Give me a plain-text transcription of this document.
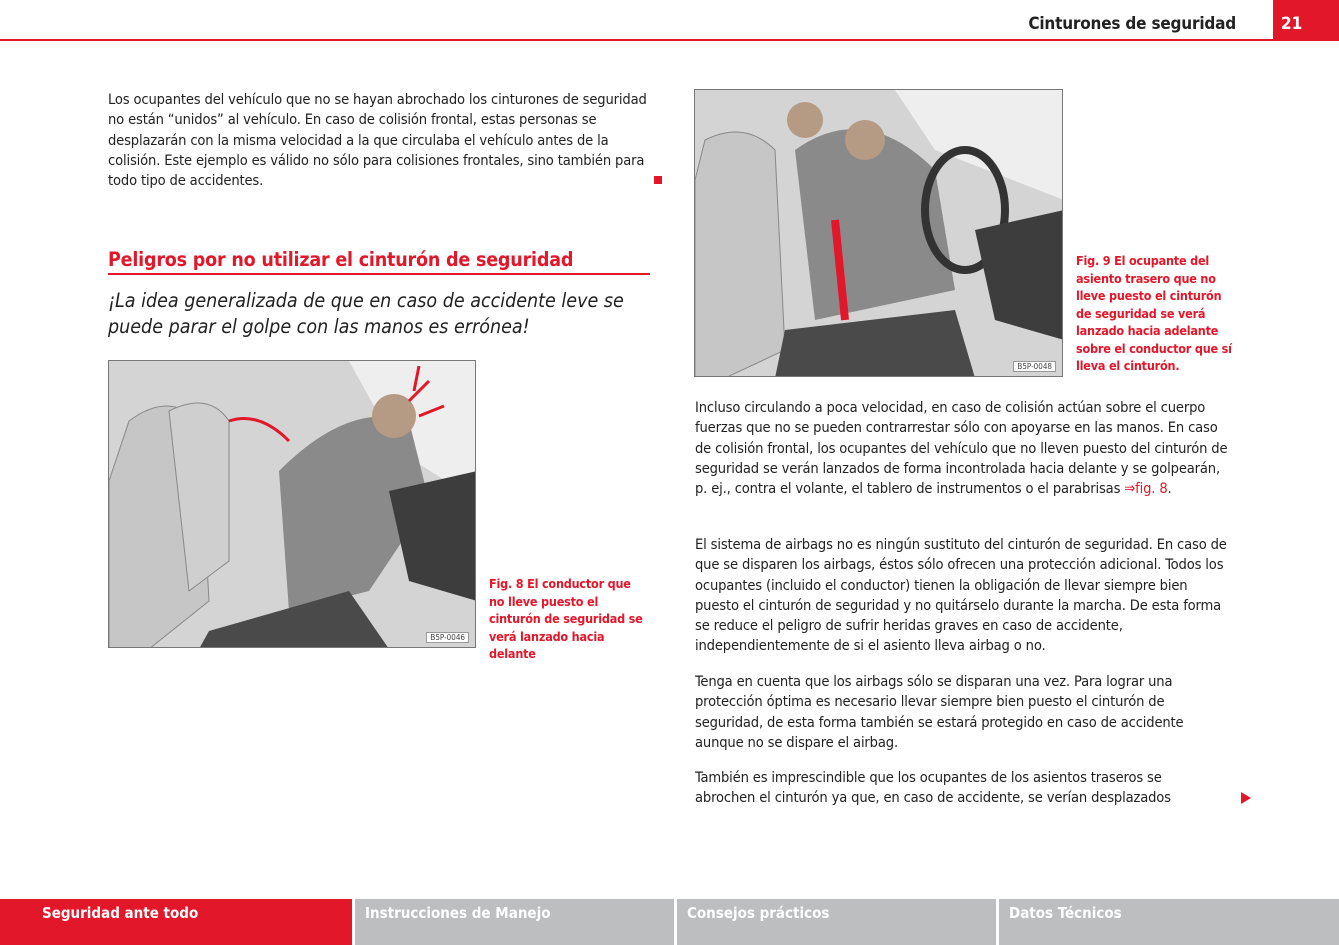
Cinturones de seguridad	21

Los ocupantes del vehículo que no se hayan abrochado los cinturones de seguridad no están “unidos” al vehículo. En caso de colisión frontal, estas personas se desplazarán con la misma velocidad a la que circulaba el vehículo antes de la colisión. Este ejemplo es válido no sólo para colisiones frontales, sino también para todo tipo de accidentes.

Peligros por no utilizar el cinturón de seguridad
¡La idea generalizada de que en caso de accidente leve se puede parar el golpe con las manos es errónea!
B5P-0046
Fig. 8 El conductor que no lleve puesto el cinturón de seguridad se verá lanzado hacia delante
B5P-0048
Fig. 9 El ocupante del asiento trasero que no lleve puesto el cinturón de seguridad se verá lanzado hacia adelante sobre el conductor que sí lleva el cinturón.

Incluso circulando a poca velocidad, en caso de colisión actúan sobre el cuerpo fuerzas que no se pueden contrarrestar sólo con apoyarse en las manos. En caso de colisión frontal, los ocupantes del vehículo que no lleven puesto del cinturón de seguridad se verán lanzados de forma incontrolada hacia delante y se golpearán, p. ej., contra el volante, el tablero de instrumentos o el parabrisas ⇒fig. 8.

El sistema de airbags no es ningún sustituto del cinturón de seguridad. En caso de que se disparen los airbags, éstos sólo ofrecen una protección adicional. Todos los ocupantes (incluido el conductor) tienen la obligación de llevar siempre bien puesto el cinturón de seguridad y no quitárselo durante la marcha. De esta forma se reduce el peligro de sufrir heridas graves en caso de accidente, independientemente de si el asiento lleva airbag o no.

Tenga en cuenta que los airbags sólo se disparan una vez. Para lograr una protección óptima es necesario llevar siempre bien puesto el cinturón de seguridad, de esta forma también se estará protegido en caso de accidente aunque no se dispare el airbag.

También es imprescindible que los ocupantes de los asientos traseros se abrochen el cinturón ya que, en caso de accidente, se verían desplazados

Seguridad ante todo	Instrucciones de Manejo	Consejos prácticos	Datos Técnicos
